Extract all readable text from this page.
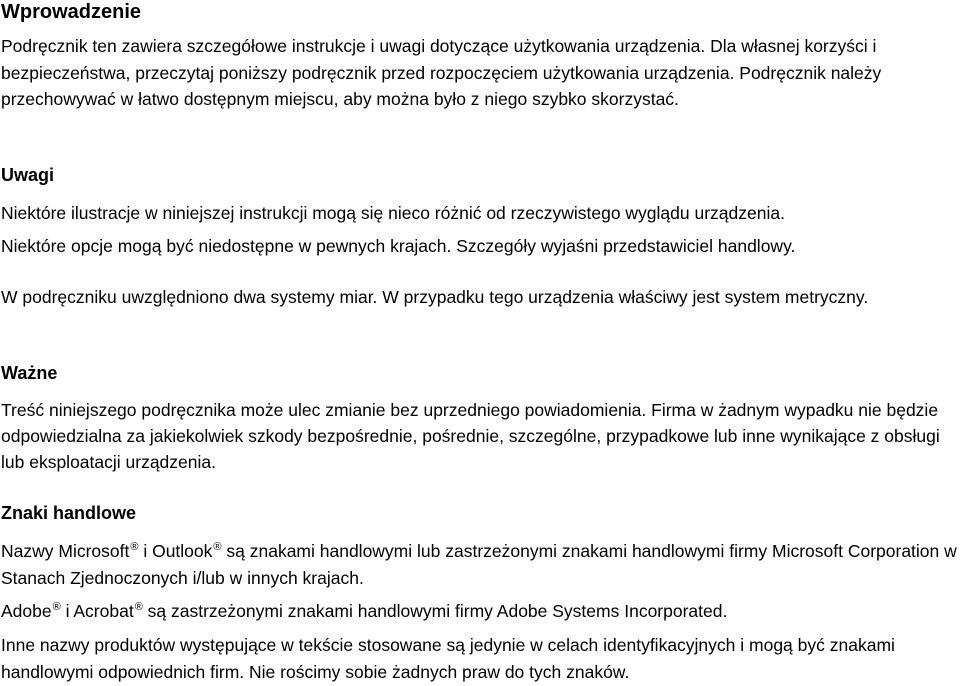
Wprowadzenie

Podręcznik ten zawiera szczegółowe instrukcje i uwagi dotyczące użytkowania urządzenia. Dla własnej korzyści i bezpieczeństwa, przeczytaj poniższy podręcznik przed rozpoczęciem użytkowania urządzenia. Podręcznik należy przechowywać w łatwo dostępnym miejscu, aby można było z niego szybko skorzystać.

Uwagi

Niektóre ilustracje w niniejszej instrukcji mogą się nieco różnić od rzeczywistego wyglądu urządzenia.

Niektóre opcje mogą być niedostępne w pewnych krajach. Szczegóły wyjaśni przedstawiciel handlowy.

W podręczniku uwzględniono dwa systemy miar. W przypadku tego urządzenia właściwy jest system metryczny.

Ważne

Treść niniejszego podręcznika może ulec zmianie bez uprzedniego powiadomienia. Firma w żadnym wypadku nie będzie odpowiedzialna za jakiekolwiek szkody bezpośrednie, pośrednie, szczególne, przypadkowe lub inne wynikające z obsługi lub eksploatacji urządzenia.

Znaki handlowe

Nazwy Microsoft® i Outlook® są znakami handlowymi lub zastrzeżonymi znakami handlowymi firmy Microsoft Corporation w Stanach Zjednoczonych i/lub w innych krajach.

Adobe® i Acrobat® są zastrzeżonymi znakami handlowymi firmy Adobe Systems Incorporated.

Inne nazwy produktów występujące w tekście stosowane są jedynie w celach identyfikacyjnych i mogą być znakami handlowymi odpowiednich firm. Nie rościmy sobie żadnych praw do tych znaków.
